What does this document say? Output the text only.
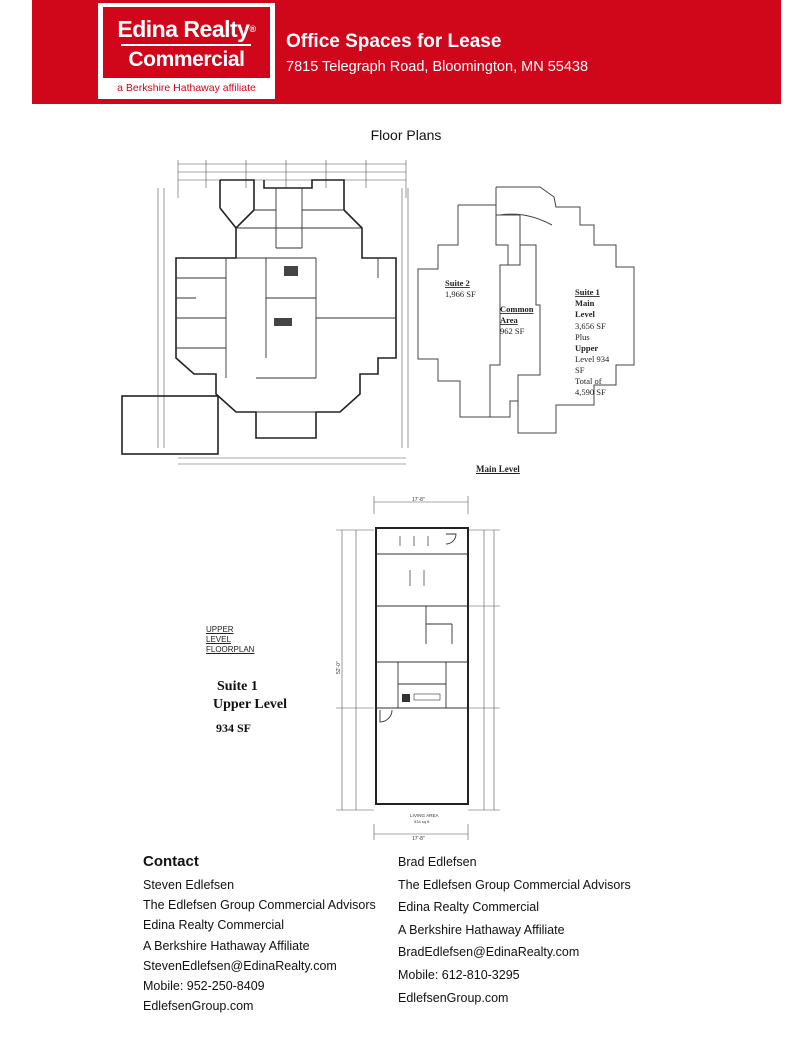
Edina Realty®
Commercial
a Berkshire Hathaway affiliate
Office Spaces for Lease
7815 Telegraph Road, Bloomington, MN 55438
Floor Plans
Suite 2
1,966 SF
Common
Area
962 SF
Suite 1
Main
Level
3,656 SF
Plus
Upper
Level 934
SF
Total of
4,590 SF
Main Level
UPPER
LEVEL
FLOORPLAN
Suite 1
Upper Level
934 SF
17'-8"
17'-8"
52'-0"
LIVING AREA
934 sq ft
Contact
Steven Edlefsen
The Edlefsen Group Commercial Advisors
Edina Realty Commercial
A Berkshire Hathaway Affiliate
StevenEdlefsen@EdinaRealty.com
Mobile: 952-250-8409
EdlefsenGroup.com
Brad Edlefsen
The Edlefsen Group Commercial Advisors
Edina Realty Commercial
A Berkshire Hathaway Affiliate
BradEdlefsen@EdinaRealty.com
Mobile: 612-810-3295
EdlefsenGroup.com
